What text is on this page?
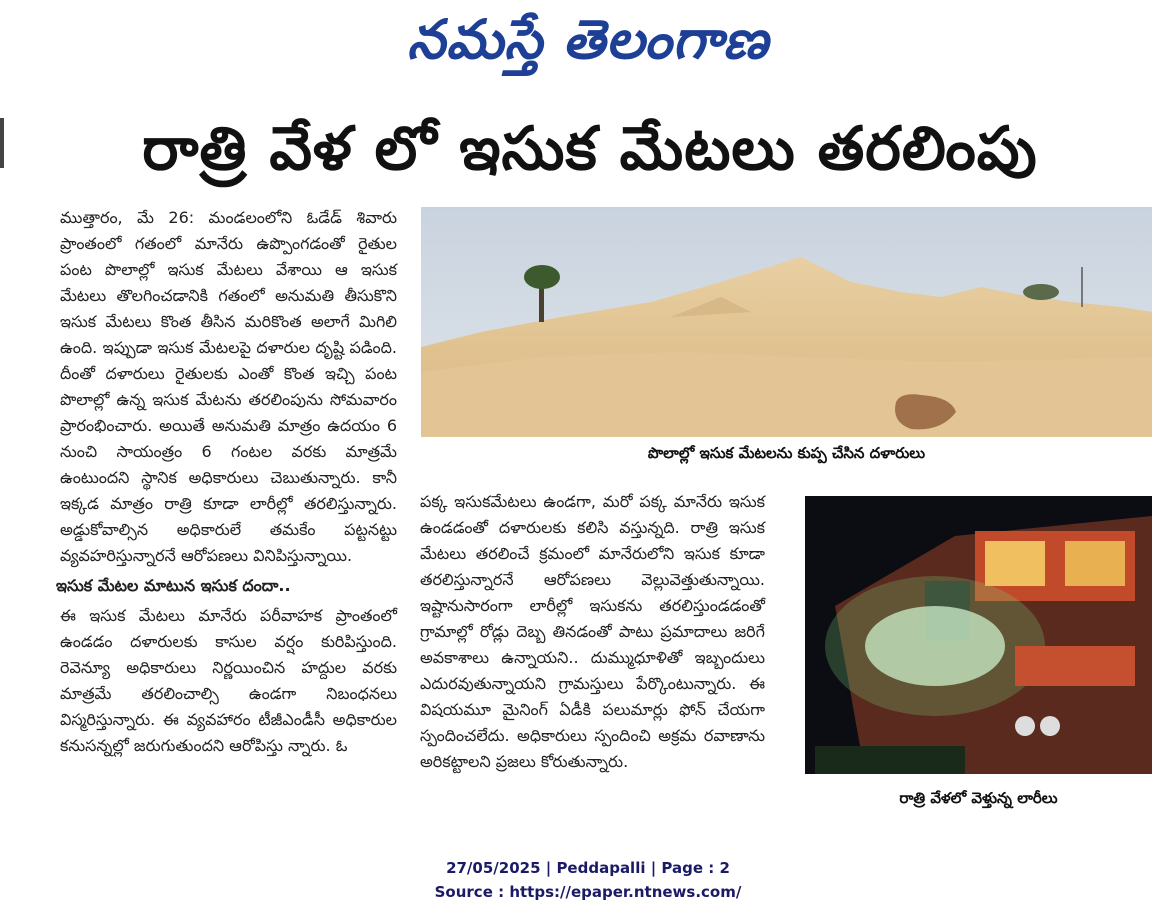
నమస్తే తెలంగాణ
రాత్రి వేళ లో ఇసుక మేటలు తరలింపు

ముత్తారం, మే 26: మండలంలోని ఓడేడ్ శివారు ప్రాంతంలో గతంలో మానేరు ఉప్పొంగడంతో రైతుల పంట పొలాల్లో ఇసుక మేటలు వేశాయి ఆ ఇసుక మేటలు తొలగించడానికి గతంలో అనుమతి తీసుకొని ఇసుక మేటలు కొంత తీసిన మరికొంత అలాగే మిగిలి ఉంది. ఇప్పుడా ఇసుక మేటలపై దళారుల దృష్టి పడింది. దీంతో దళారులు రైతులకు ఎంతో కొంత ఇచ్చి పంట పొలాల్లో ఉన్న ఇసుక మేటను తరలింపును సోమవారం ప్రారంభించారు. అయితే అనుమతి మాత్రం ఉదయం 6 నుంచి సాయంత్రం 6 గంటల వరకు మాత్రమే ఉంటుందని స్థానిక అధికారులు చెబుతున్నారు. కానీ ఇక్కడ మాత్రం రాత్రి కూడా లారీల్లో తరలిస్తున్నారు. అడ్డుకోవాల్సిన అధికారులే తమకేం పట్టనట్టు వ్యవహరిస్తున్నారనే ఆరోపణలు వినిపిస్తున్నాయి.

ఇసుక మేటల మాటున ఇసుక దందా..

ఈ ఇసుక మేటలు మానేరు పరీవాహక ప్రాంతంలో ఉండడం దళారులకు కాసుల వర్షం కురిపిస్తుంది. రెవెన్యూ అధికారులు నిర్ణయించిన హద్దుల వరకు మాత్రమే తరలించాల్సి ఉండగా నిబంధనలు విస్మరిస్తున్నారు. ఈ వ్యవహారం టీజీఎండీసీ అధికారుల కనుసన్నల్లో జరుగుతుందని ఆరోపిస్తు న్నారు. ఓ

పొలాల్లో ఇసుక మేటలను కుప్ప చేసిన దళారులు

పక్క ఇసుకమేటలు ఉండగా, మరో పక్క మానేరు ఇసుక ఉండడంతో దళారులకు కలిసి వస్తున్నది. రాత్రి ఇసుక మేటలు తరలించే క్రమంలో మానేరులోని ఇసుక కూడా తరలిస్తున్నారనే ఆరోపణలు వెల్లువెత్తుతున్నాయి. ఇష్టానుసారంగా లారీల్లో ఇసుకను తరలిస్తుండడంతో గ్రామాల్లో రోడ్లు దెబ్బ తినడంతో పాటు ప్రమాదాలు జరిగే అవకాశాలు ఉన్నాయని.. దుమ్ముధూళితో ఇబ్బందులు ఎదురవుతున్నాయని గ్రామస్తులు పేర్కొంటున్నారు. ఈ విషయమూ మైనింగ్ ఏడీకి పలుమార్లు ఫోన్ చేయగా స్పందించలేదు. అధికారులు స్పందించి అక్రమ రవాణాను అరికట్టాలని ప్రజలు కోరుతున్నారు.

రాత్రి వేళలో వెళ్తున్న లారీలు
27/05/2025 | Peddapalli | Page : 2
Source : https://epaper.ntnews.com/
